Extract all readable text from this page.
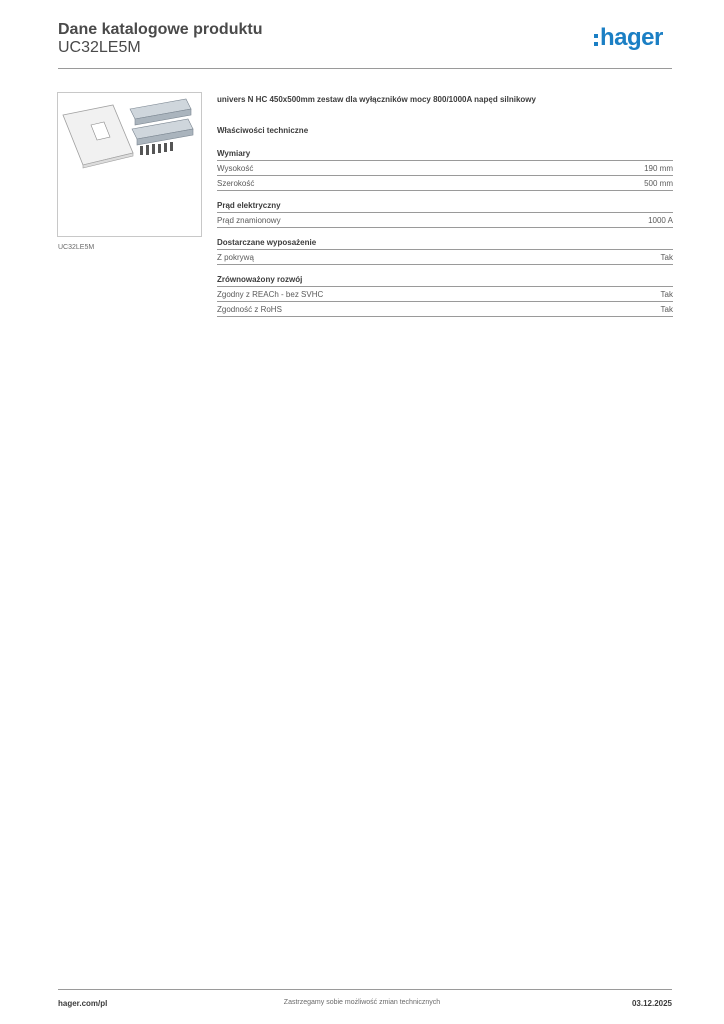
Dane katalogowe produktu
UC32LE5M	hager
UC32LE5M
univers N HC 450x500mm zestaw dla wyłączników mocy 800/1000A napęd silnikowy
Właściwości techniczne
Wymiary
Wysokość	190 mm
Szerokość	500 mm
Prąd elektryczny
Prąd znamionowy	1000 A
Dostarczane wyposażenie
Z pokrywą	Tak
Zrównoważony rozwój
Zgodny z REACh - bez SVHC	Tak
Zgodność z RoHS	Tak
hager.com/pl	Zastrzegamy sobie możliwość zmian technicznych	03.12.2025
